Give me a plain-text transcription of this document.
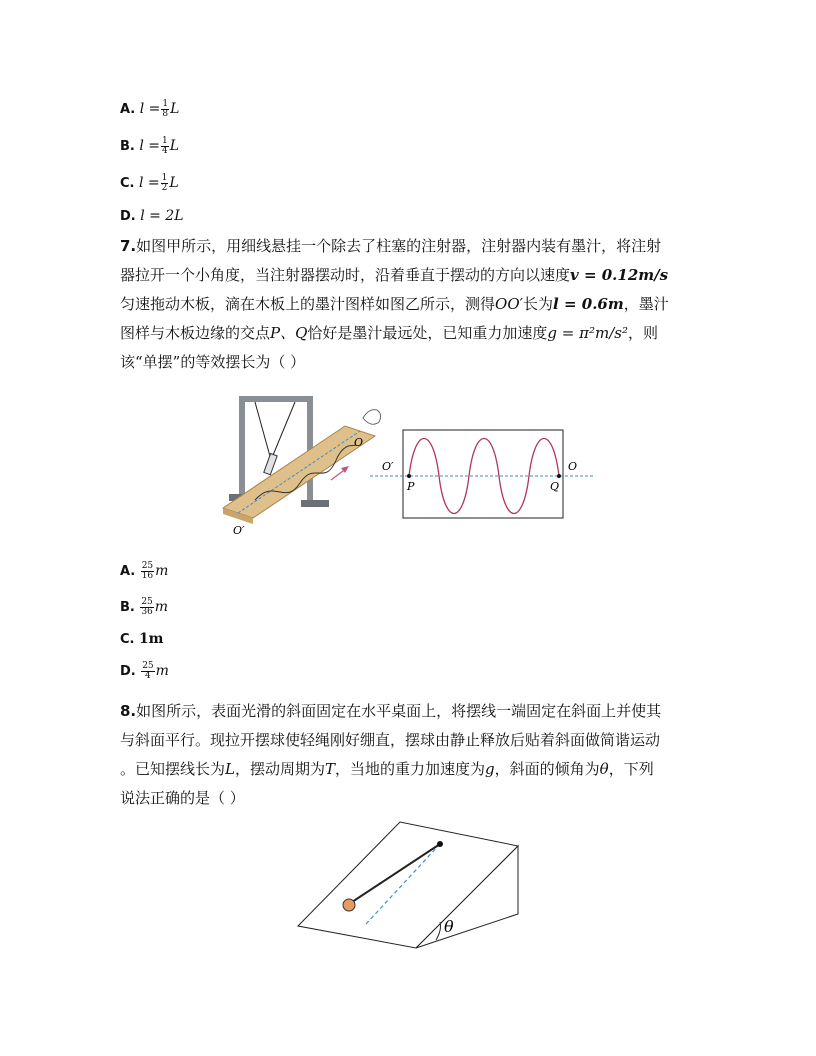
A. $l = \frac{1}{8}$ L
B. $l = \frac{1}{4}$ L
C. $l = \frac{1}{2}$ L
D. l = 2L
7.如图甲所示，用细线悬挂一个除去了柱塞的注射器，注射器内装有墨汁，将注射
器拉开一个小角度，当注射器摆动时，沿着垂直于摆动的方向以速度v = 0.12m/s
匀速拖动木板，滴在木板上的墨汁图样如图乙所示，测得OO′长为l = 0.6m，墨汁
图样与木板边缘的交点P、Q恰好是墨汁最远处，已知重力加速度g = π²m/s²，则
该“单摆”的等效摆长为（ ）
O
O′
O′	O
P	Q
A. $\frac{25}{16}$ m
B. $\frac{25}{36}$ m
C. 1m
D. $\frac{25}{4}$ m
8.如图所示，表面光滑的斜面固定在水平桌面上，将摆线一端固定在斜面上并使其
与斜面平行。现拉开摆球使轻绳刚好绷直，摆球由静止释放后贴着斜面做简谐运动
。已知摆线长为L，摆动周期为T，当地的重力加速度为g，斜面的倾角为θ，下列
说法正确的是（ ）
θ
